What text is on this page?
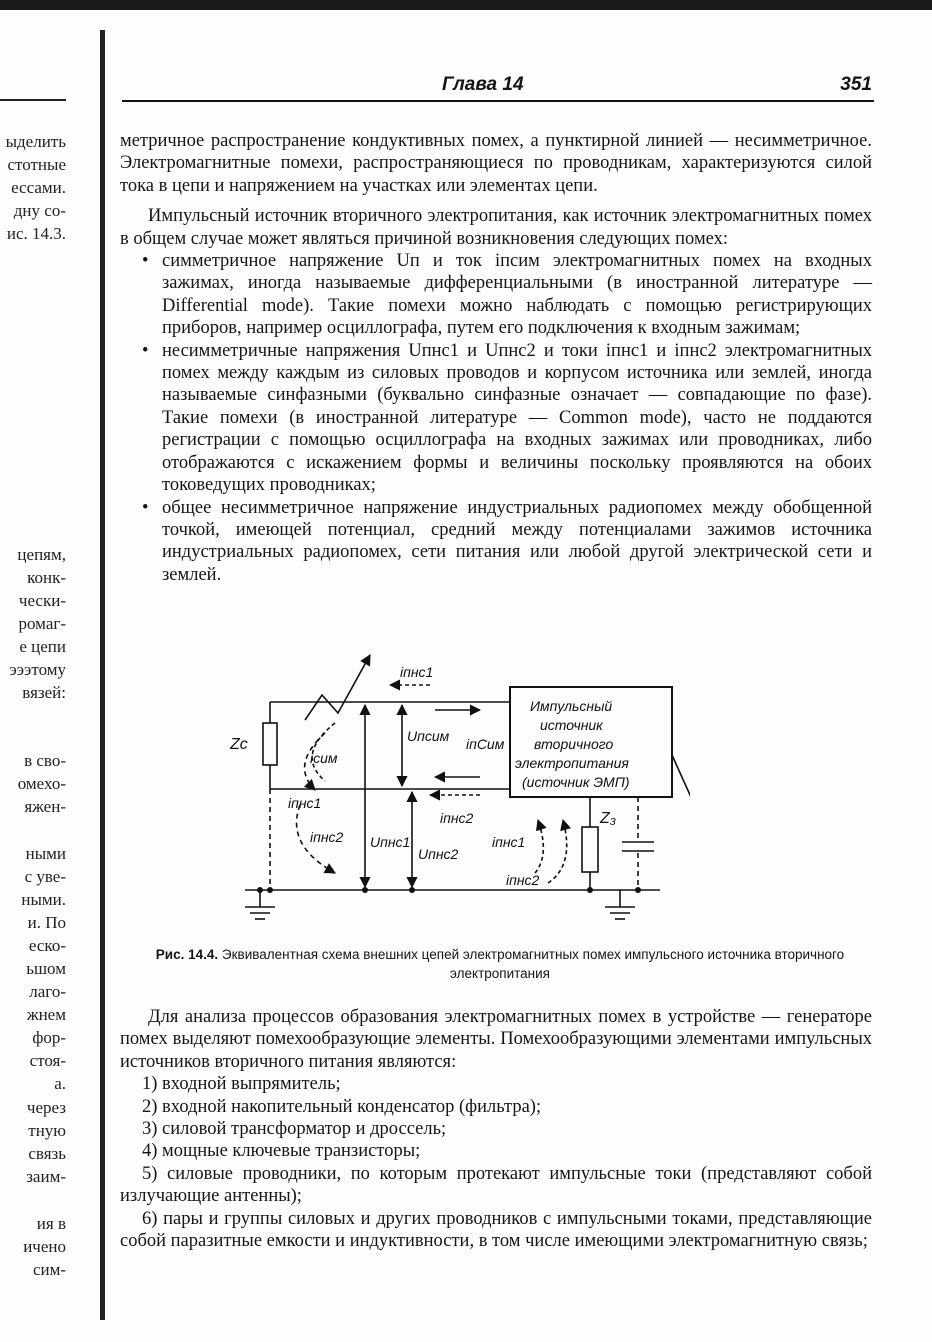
ыделить
стотные
ессами.
дну со-
ис. 14.3.
цепям,
конк-
чески-
ромаг-
е цепи
эээтому
вязей:
в сво-
омехо-
яжен-
ными
с уве-
ными.
и. По
еско-
ьшом
лаго-
жнем
фор-
стоя-
а.
через
тную
связь
заим-
ия в
ичено
сим-
Глава 14	351

метричное распространение кондуктивных помех, а пунктирной линией — несимметричное. Электромагнитные помехи, распространяющиеся по проводникам, характеризуются силой тока в цепи и напряжением на участках или элементах цепи.

Импульсный источник вторичного электропитания, как источник электромагнитных помех в общем случае может являться причиной возникновения следующих помех:

• симметричное напряжение Uп и ток iпсим электромагнитных помех на входных зажимах, иногда называемые дифференциальными (в иностранной литературе — Differential mode). Такие помехи можно наблюдать с помощью регистрирующих приборов, например осциллографа, путем его подключения к входным зажимам;
• несимметричные напряжения Uпнс1 и Uпнс2 и токи iпнс1 и iпнс2 электромагнитных помех между каждым из силовых проводов и корпусом источника или землей, иногда называемые синфазными (буквально синфазные означает — совпадающие по фазе). Такие помехи (в иностранной литературе — Common mode), часто не поддаются регистрации с помощью осциллографа на входных зажимах или проводниках, либо отображаются с искажением формы и величины поскольку проявляются на обоих токоведущих проводниках;
• общее несимметричное напряжение индустриальных радиопомех между обобщенной точкой, имеющей потенциал, средний между потенциалами зажимов источника индустриальных радиопомех, сети питания или любой другой электрической сети и землей.
Импульсный
источник
вторичного
электропитания
(источник ЭМП)
Zc
Z₃
iсим
Uпсим iпСим
iпнс1
iпнс1
iпнс2 Uпнс1
Uпнс2
iпнс2
iпнс1
iпнс2
Рис. 14.4. Эквивалентная схема внешних цепей электромагнитных помех импульсного источника вторичного электропитания

Для анализа процессов образования электромагнитных помех в устройстве — генераторе помех выделяют помехообразующие элементы. Помехообразующими элементами импульсных источников вторичного питания являются:

1) входной выпрямитель;
2) входной накопительный конденсатор (фильтра);
3) силовой трансформатор и дроссель;
4) мощные ключевые транзисторы;
5) силовые проводники, по которым протекают импульсные токи (представляют собой излучающие антенны);
6) пары и группы силовых и других проводников с импульсными токами, представляющие собой паразитные емкости и индуктивности, в том числе имеющими электромагнитную связь;
